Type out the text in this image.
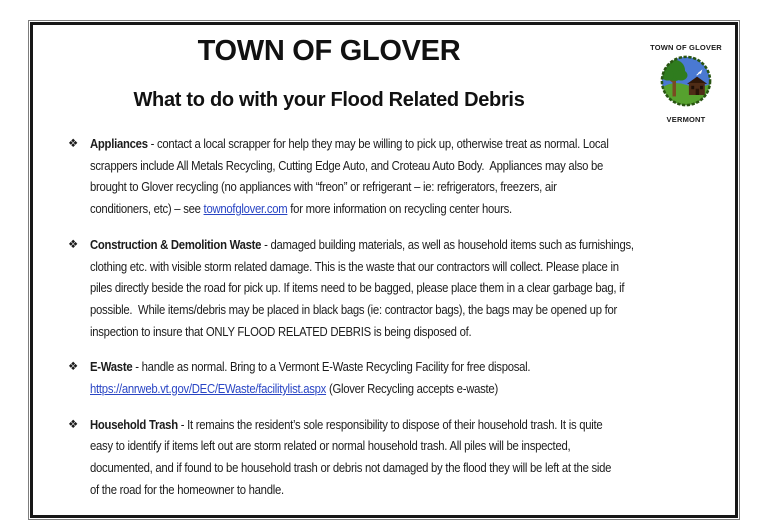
TOWN OF GLOVER
What to do with your Flood Related Debris
TOWN OF GLOVER
VERMONT
❖ Appliances - contact a local scrapper for help they may be willing to pick up, otherwise treat as normal. Local
scrappers include All Metals Recycling, Cutting Edge Auto, and Croteau Auto Body.  Appliances may also be
brought to Glover recycling (no appliances with “freon” or refrigerant – ie: refrigerators, freezers, air
conditioners, etc) – see townofglover.com for more information on recycling center hours.
❖ Construction & Demolition Waste - damaged building materials, as well as household items such as furnishings,
clothing etc. with visible storm related damage. This is the waste that our contractors will collect. Please place in
piles directly beside the road for pick up. If items need to be bagged, please place them in a clear garbage bag, if
possible.  While items/debris may be placed in black bags (ie: contractor bags), the bags may be opened up for
inspection to insure that ONLY FLOOD RELATED DEBRIS is being disposed of.
❖ E-Waste - handle as normal. Bring to a Vermont E-Waste Recycling Facility for free disposal.
https://anrweb.vt.gov/DEC/EWaste/facilitylist.aspx (Glover Recycling accepts e-waste)
❖ Household Trash - It remains the resident’s sole responsibility to dispose of their household trash. It is quite
easy to identify if items left out are storm related or normal household trash. All piles will be inspected,
documented, and if found to be household trash or debris not damaged by the flood they will be left at the side
of the road for the homeowner to handle.
